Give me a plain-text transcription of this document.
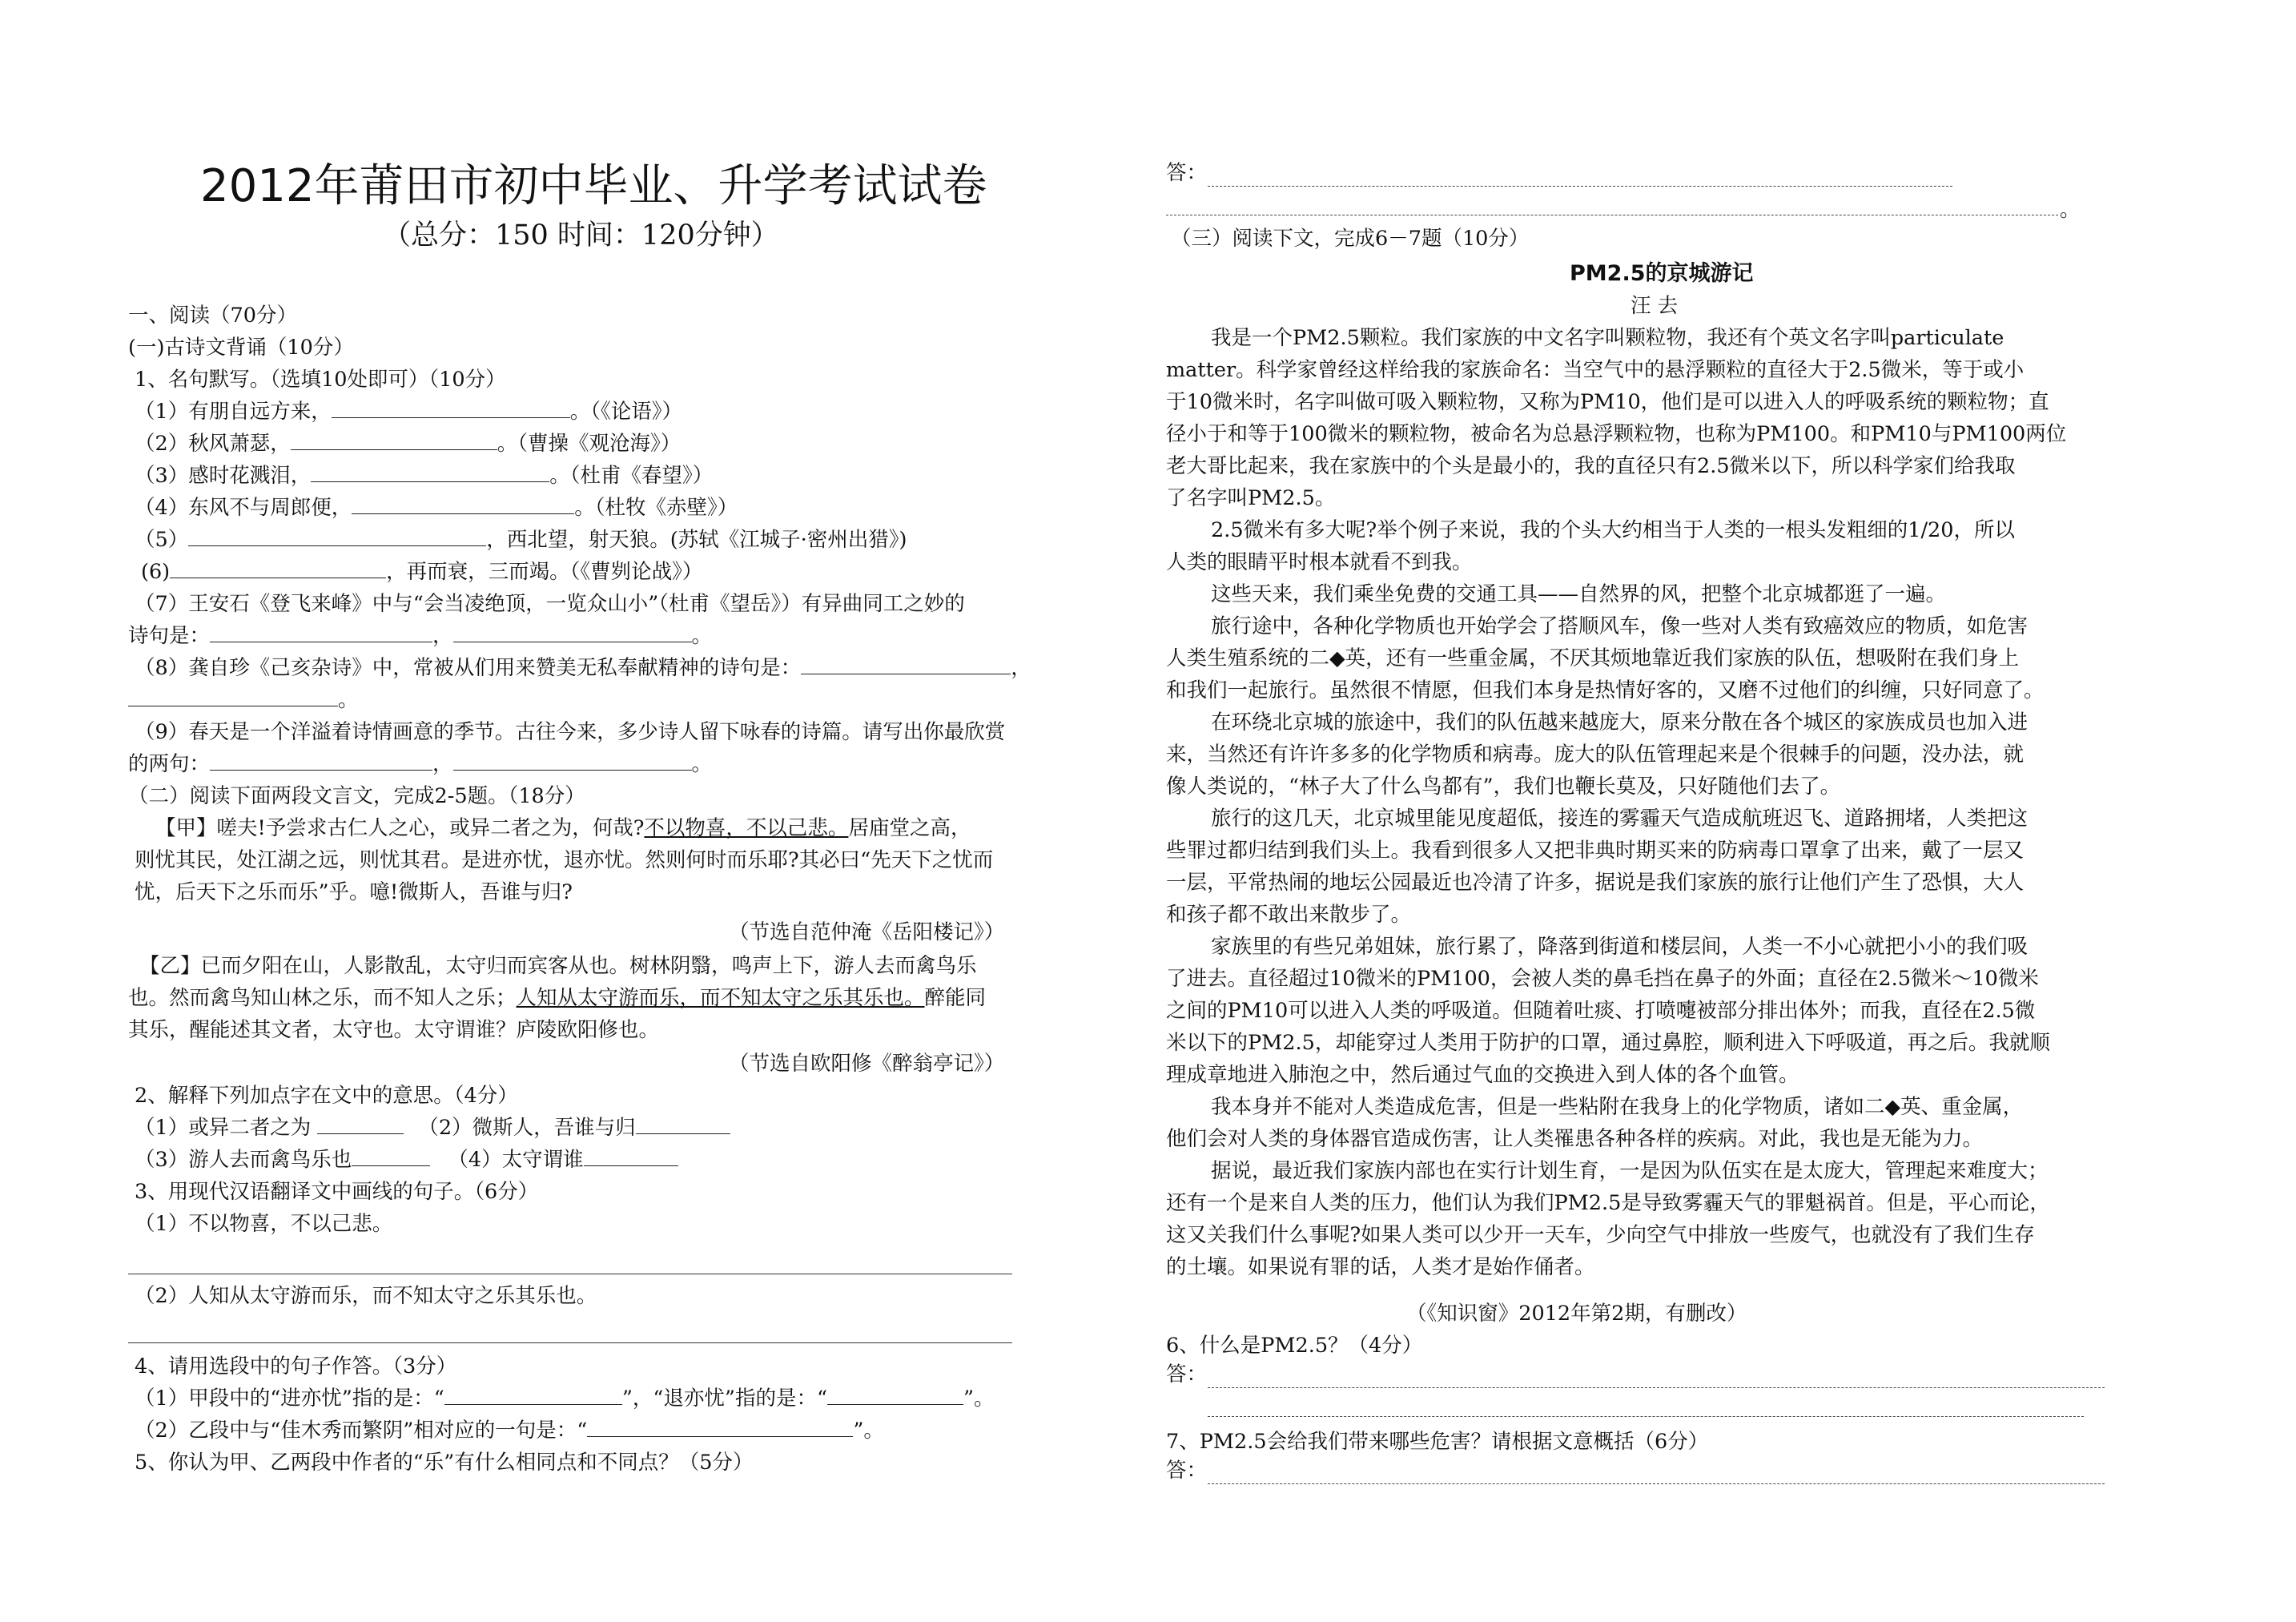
2012年莆田市初中毕业、升学考试试卷
（总分：150 时间：120分钟）
一、阅读（70分）
(一)古诗文背诵（10分）
1、名句默写。（选填10处即可）（10分）
（1）有朋自远方来，	。（《论语》）
（2）秋风萧瑟，	。（曹操《观沧海》）
（3）感时花溅泪，	。（杜甫《春望》）
（4）东风不与周郎便，	。（杜牧《赤壁》）
（5）	，西北望，射天狼。(苏轼《江城子·密州出猎》)
(6)	，再而衰，三而竭。（《曹刿论战》）
（7）王安石《登飞来峰》中与“会当凌绝顶，一览众山小”（杜甫《望岳》）有异曲同工之妙的
诗句是：	，	。
（8）龚自珍《己亥杂诗》中，常被从们用来赞美无私奉献精神的诗句是：	，
。
（9）春天是一个洋溢着诗情画意的季节。古往今来，多少诗人留下咏春的诗篇。请写出你最欣赏
的两句：	，	。
（二）阅读下面两段文言文，完成2-5题。（18分）
【甲】嗟夫!予尝求古仁人之心，或异二者之为，何哉?不以物喜，不以己悲。居庙堂之高，
则忧其民，处江湖之远，则忧其君。是进亦忧，退亦忧。然则何时而乐耶?其必曰“先天下之忧而
忧，后天下之乐而乐”乎。噫!微斯人，吾谁与归?
（节选自范仲淹《岳阳楼记》）
【乙】已而夕阳在山，人影散乱，太守归而宾客从也。树林阴翳，鸣声上下，游人去而禽鸟乐
也。然而禽鸟知山林之乐，而不知人之乐；人知从太守游而乐，而不知太守之乐其乐也。醉能同
其乐，醒能述其文者，太守也。太守谓谁？庐陵欧阳修也。
（节选自欧阳修《醉翁亭记》）
2、解释下列加点字在文中的意思。（4分）
（1）或异二者之为	（2）微斯人，吾谁与归
（3）游人去而禽鸟乐也	（4）太守谓谁
3、用现代汉语翻译文中画线的句子。（6分）
（1）不以物喜，不以己悲。
（2）人知从太守游而乐，而不知太守之乐其乐也。
4、请用选段中的句子作答。（3分）
（1）甲段中的“进亦忧”指的是：“	”，“退亦忧”指的是：“	”。
（2）乙段中与“佳木秀而繁阴”相对应的一句是：“	”。
5、你认为甲、乙两段中作者的“乐”有什么相同点和不同点？（5分）
答：
。
（三）阅读下文，完成6－7题（10分）
PM2.5的京城游记
汪 去
我是一个PM2.5颗粒。我们家族的中文名字叫颗粒物，我还有个英文名字叫particulate
matter。科学家曾经这样给我的家族命名：当空气中的悬浮颗粒的直径大于2.5微米，等于或小
于10微米时，名字叫做可吸入颗粒物，又称为PM10，他们是可以进入人的呼吸系统的颗粒物；直
径小于和等于100微米的颗粒物，被命名为总悬浮颗粒物，也称为PM100。和PM10与PM100两位
老大哥比起来，我在家族中的个头是最小的，我的直径只有2.5微米以下，所以科学家们给我取
了名字叫PM2.5。
2.5微米有多大呢?举个例子来说，我的个头大约相当于人类的一根头发粗细的1/20，所以
人类的眼睛平时根本就看不到我。
这些天来，我们乘坐免费的交通工具——自然界的风，把整个北京城都逛了一遍。
旅行途中，各种化学物质也开始学会了搭顺风车，像一些对人类有致癌效应的物质，如危害
人类生殖系统的二◆英，还有一些重金属，不厌其烦地靠近我们家族的队伍，想吸附在我们身上
和我们一起旅行。虽然很不情愿，但我们本身是热情好客的，又磨不过他们的纠缠，只好同意了。
在环绕北京城的旅途中，我们的队伍越来越庞大，原来分散在各个城区的家族成员也加入进
来，当然还有许许多多的化学物质和病毒。庞大的队伍管理起来是个很棘手的问题，没办法，就
像人类说的，“林子大了什么鸟都有”，我们也鞭长莫及，只好随他们去了。
旅行的这几天，北京城里能见度超低，接连的雾霾天气造成航班迟飞、道路拥堵，人类把这
些罪过都归结到我们头上。我看到很多人又把非典时期买来的防病毒口罩拿了出来，戴了一层又
一层，平常热闹的地坛公园最近也冷清了许多，据说是我们家族的旅行让他们产生了恐惧，大人
和孩子都不敢出来散步了。
家族里的有些兄弟姐妹，旅行累了，降落到街道和楼层间，人类一不小心就把小小的我们吸
了进去。直径超过10微米的PM100，会被人类的鼻毛挡在鼻子的外面；直径在2.5微米～10微米
之间的PM10可以进入人类的呼吸道。但随着吐痰、打喷嚏被部分排出体外；而我，直径在2.5微
米以下的PM2.5，却能穿过人类用于防护的口罩，通过鼻腔，顺利进入下呼吸道，再之后。我就顺
理成章地进入肺泡之中，然后通过气血的交换进入到人体的各个血管。
我本身并不能对人类造成危害，但是一些粘附在我身上的化学物质，诸如二◆英、重金属，
他们会对人类的身体器官造成伤害，让人类罹患各种各样的疾病。对此，我也是无能为力。
据说，最近我们家族内部也在实行计划生育，一是因为队伍实在是太庞大，管理起来难度大；
还有一个是来自人类的压力，他们认为我们PM2.5是导致雾霾天气的罪魁祸首。但是，平心而论，
这又关我们什么事呢?如果人类可以少开一天车，少向空气中排放一些废气，也就没有了我们生存
的土壤。如果说有罪的话，人类才是始作俑者。
（《知识窗》2012年第2期，有删改）
6、什么是PM2.5？（4分）
答：
7、PM2.5会给我们带来哪些危害？请根据文意概括（6分）
答：
